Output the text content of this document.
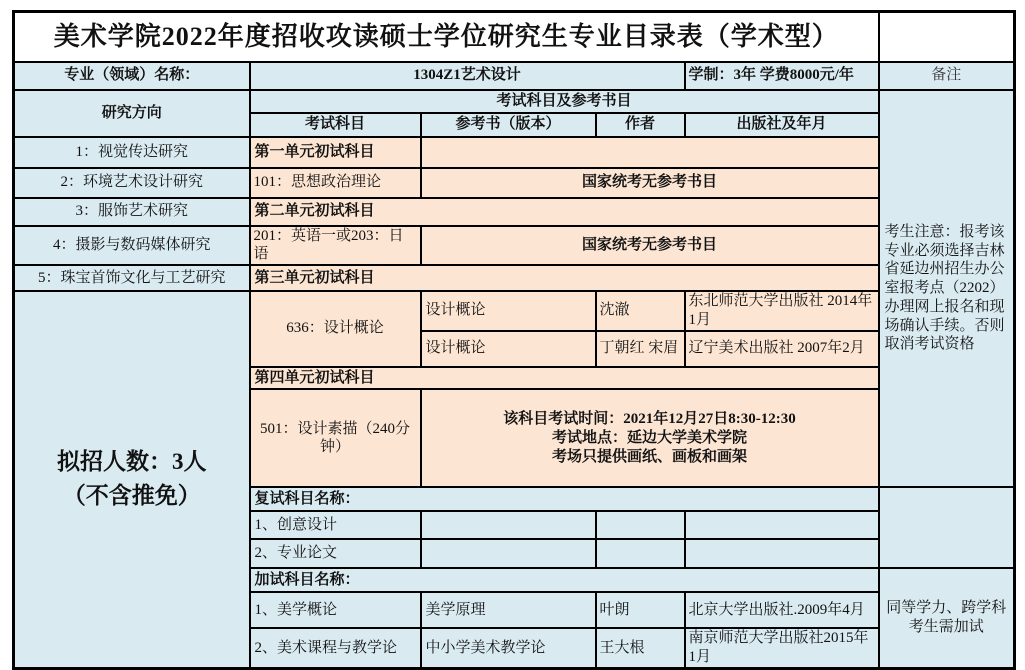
美术学院2022年度招收攻读硕士学位研究生专业目录表（学术型）					
专业（领域）名称：	1304Z1艺术设计			学制：3年 学费8000元/年	备注
研究方向	考试科目及参考书目				考生注意：报考该专业必须选择吉林省延边州招生办公室报考点（2202）办理网上报名和现场确认手续。否则取消考试资格
	考试科目	参考书（版本）	作者	出版社及年月	
1：视觉传达研究	第一单元初试科目				
2：环境艺术设计研究	101：思想政治理论	国家统考无参考书目			
3：服饰艺术研究	第二单元初试科目				
4：摄影与数码媒体研究	201：英语一或203：日语	国家统考无参考书目			
5：珠宝首饰文化与工艺研究	第三单元初试科目				

拟招人数：3人
（不含推免）	636：设计概论	设计概论	沈澈	东北师范大学出版社 2014年1月	
		设计概论	丁朝红 宋眉	辽宁美术出版社 2007年2月	
	第四单元初试科目				
	501：设计素描（240分钟）	该科目考试时间：2021年12月27日8:30-12:30
考试地点：延边大学美术学院
考场只提供画纸、画板和画架			

	复试科目名称：				
	1、创意设计				
	2、专业论文				
	加试科目名称：				同等学力、跨学科考生需加试
	1、美学概论	美学原理	叶朗	北京大学出版社.2009年4月	
	2、美术课程与教学论	中小学美术教学论	王大根	南京师范大学出版社2015年1月	
